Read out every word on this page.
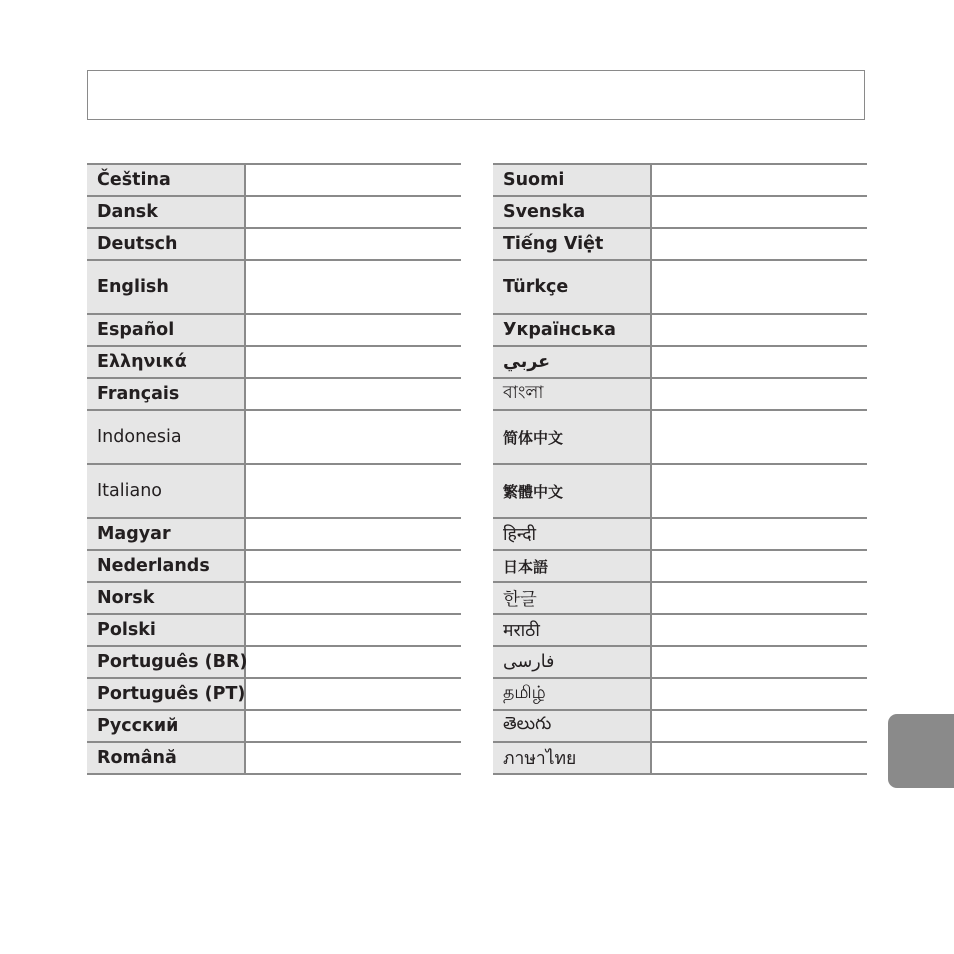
Čeština	
Dansk	
Deutsch	
English	
Español	
Ελληνικά	
Français	
Indonesia	
Italiano	
Magyar	
Nederlands	
Norsk	
Polski	
Português (BR)	
Português (PT)	
Русский	
Română	
Suomi	
Svenska	
Tiếng Việt	
Türkçe	
Українська	
عربي	
বাংলা	
简体中文	
繁體中文	
हिन्दी	
日本語	
한글	
मराठी	
فارسی	
தமிழ்	
తెలుగు	
ภาษาไทย	
